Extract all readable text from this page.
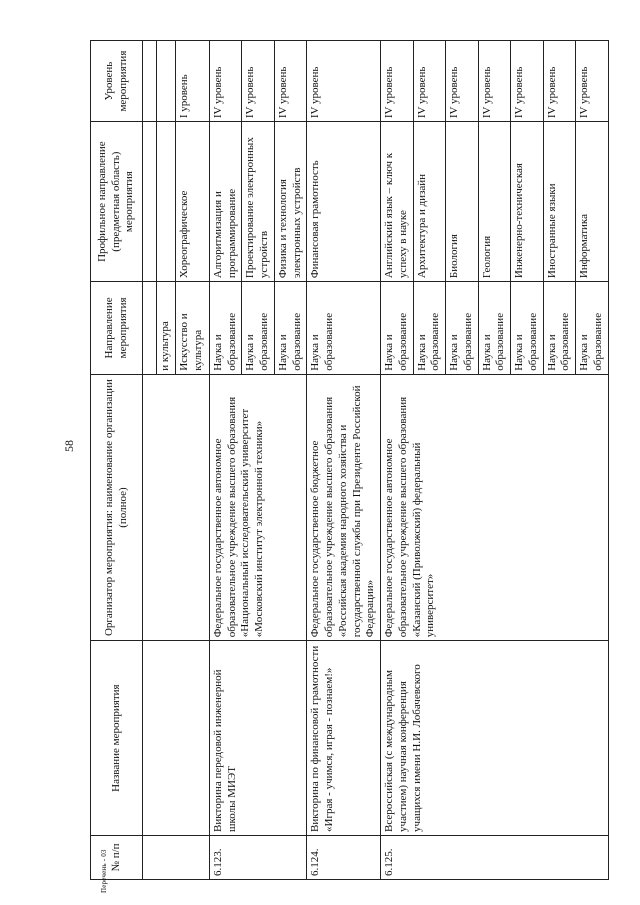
58
Перечень - 03 № п/п	Название мероприятия	Организатор мероприятия: наименование организации (полное)	Направление мероприятия	Профильное направление (предметная область) мероприятия	Уровень мероприятия

			и культура		
			Искусство и культура	Хореографическое	I уровень
6.123.	Викторина передовой инженерной школы МИЭТ	Федеральное государственное автономное образовательное учреждение высшего образования «Национальный исследовательский университет «Московский институт электронной техники»	Наука и образование	Алгоритмизация и программирование	IV уровень
			Наука и образование	Проектирование электронных устройств	IV уровень
			Наука и образование	Физика и технология электронных устройств	IV уровень
6.124.	Викторина по финансовой грамотности «Играя - учимся, играя - познаем!»	Федеральное государственное бюджетное образовательное учреждение высшего образования «Российская академия народного хозяйства и государственной службы при Президенте Российской Федерации»	Наука и образование	Финансовая грамотность	IV уровень
6.125.	Всероссийская (с международным участием) научная конференция учащихся имени Н.И. Лобачевского	Федеральное государственное автономное образовательное учреждение высшего образования «Казанский (Приволжский) федеральный университет»	Наука и образование	Английский язык – ключ к успеху в науке	IV уровень
			Наука и образование	Архитектура и дизайн	IV уровень
			Наука и образование	Биология	IV уровень
			Наука и образование	Геология	IV уровень
			Наука и образование	Инженерно-техническая	IV уровень
			Наука и образование	Иностранные языки	IV уровень
			Наука и образование	Информатика	IV уровень
